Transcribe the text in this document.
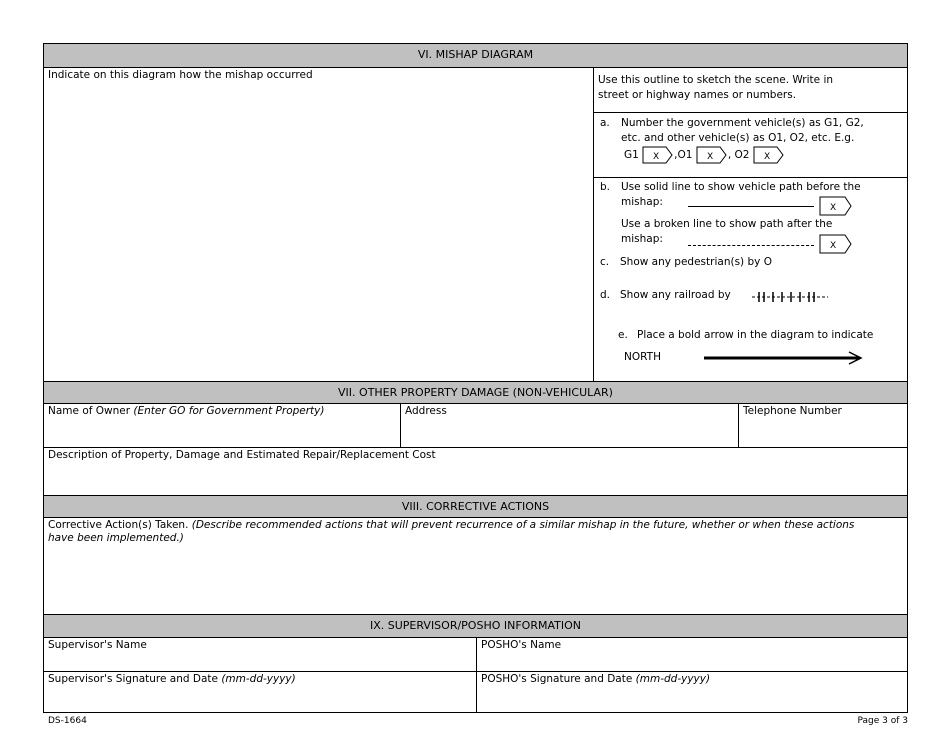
VI. MISHAP DIAGRAM
Indicate on this diagram how the mishap occurred	Use this outline to sketch the scene. Write in street or highway names or numbers.
a.	Number the government vehicle(s) as G1, G2, etc. and other vehicle(s) as O1, O2, etc. E.g.
G1 X ,O1 X , O2 X
b. Use solid line to show vehicle path before the mishap:	X
Use a broken line to show path after the mishap:
X
c. Show any pedestrian(s) by O
d. Show any railroad by
e. Place a bold arrow in the diagram to indicate
NORTH
VII. OTHER PROPERTY DAMAGE (NON-VEHICULAR)
Name of Owner (Enter GO for Government Property)	Address	Telephone Number
Description of Property, Damage and Estimated Repair/Replacement Cost
VIII. CORRECTIVE ACTIONS
Corrective Action(s) Taken. (Describe recommended actions that will prevent recurrence of a similar mishap in the future, whether or when these actions have been implemented.)
IX. SUPERVISOR/POSHO INFORMATION
Supervisor's Name	POSHO's Name
Supervisor's Signature and Date (mm-dd-yyyy)	POSHO's Signature and Date (mm-dd-yyyy)
DS-1664	Page 3 of 3
